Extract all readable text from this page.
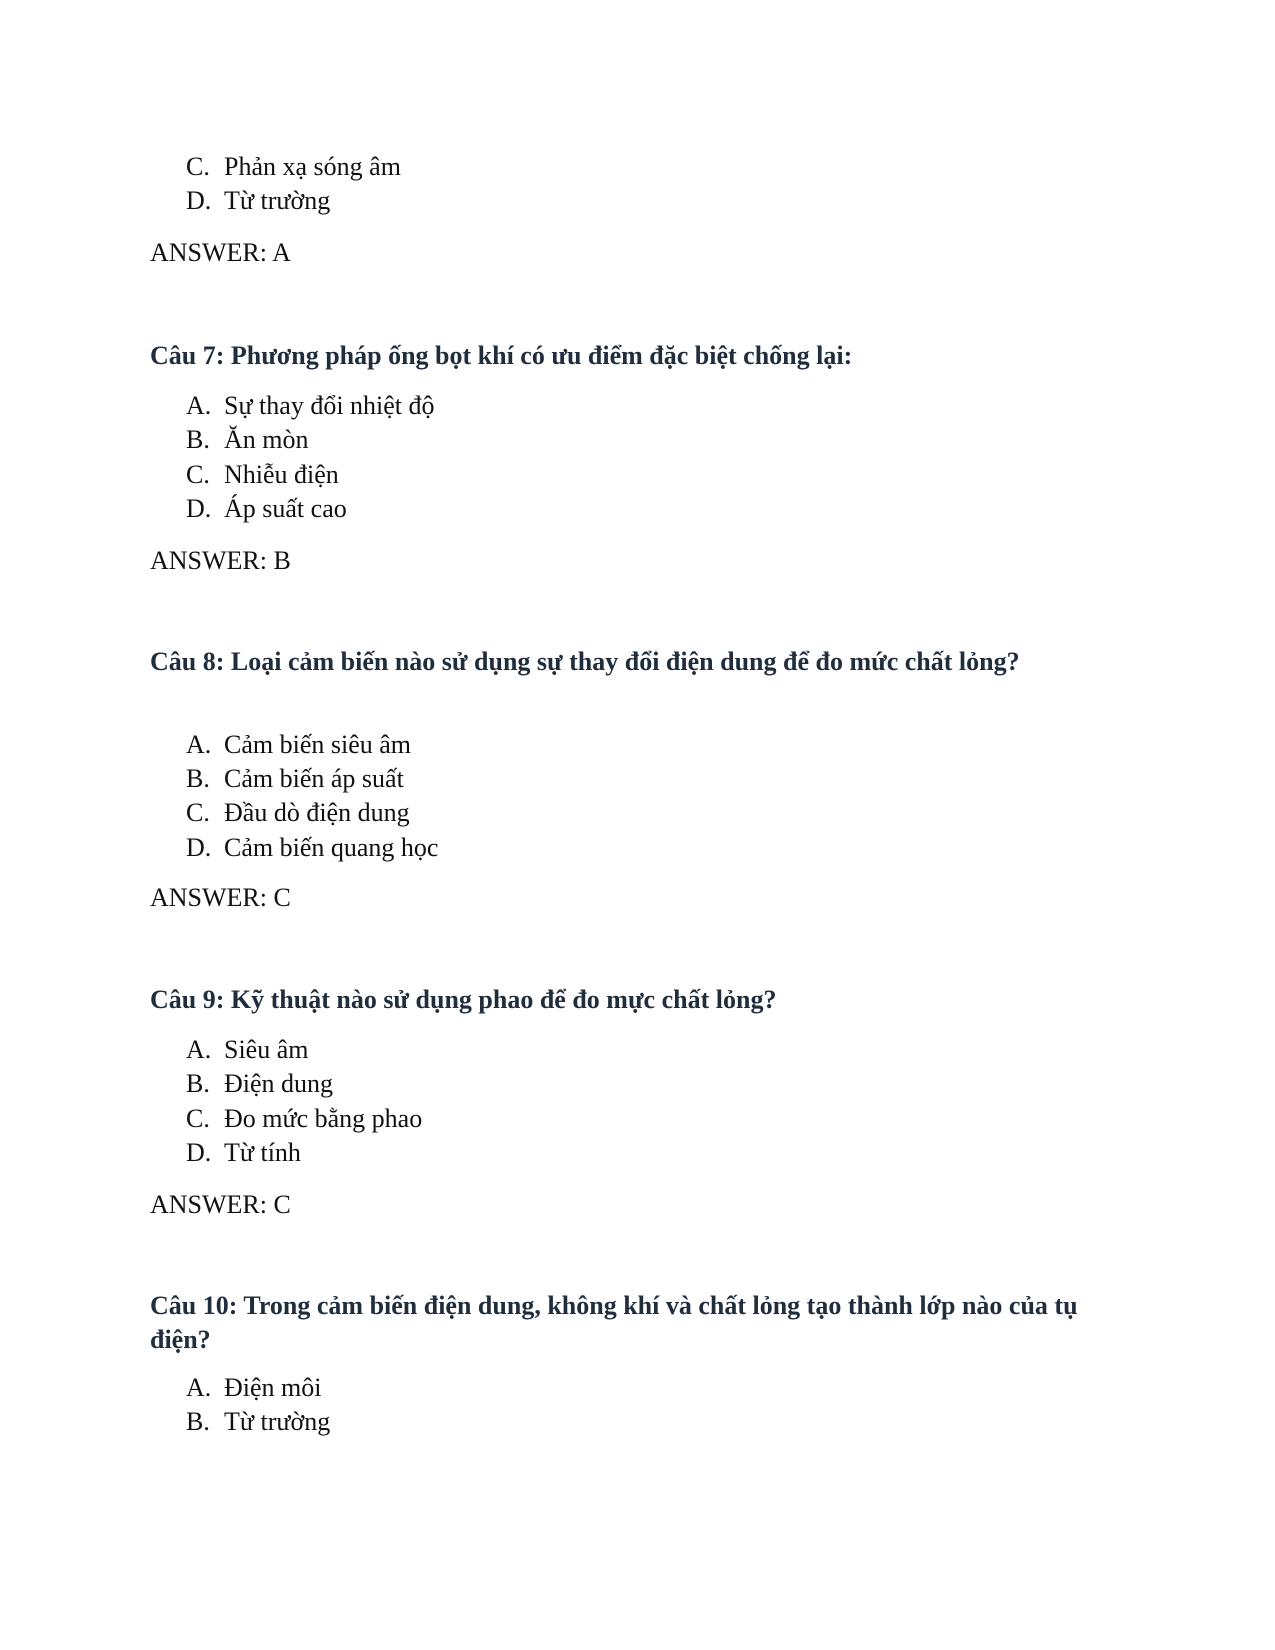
C. Phản xạ sóng âm
D. Từ trường
ANSWER: A
Câu 7: Phương pháp ống bọt khí có ưu điểm đặc biệt chống lại:
A. Sự thay đổi nhiệt độ
B. Ăn mòn
C. Nhiễu điện
D. Áp suất cao
ANSWER: B
Câu 8: Loại cảm biến nào sử dụng sự thay đổi điện dung để đo mức chất lỏng?
A. Cảm biến siêu âm
B. Cảm biến áp suất
C. Đầu dò điện dung
D. Cảm biến quang học
ANSWER: C
Câu 9: Kỹ thuật nào sử dụng phao để đo mực chất lỏng?
A. Siêu âm
B. Điện dung
C. Đo mức bằng phao
D. Từ tính
ANSWER: C
Câu 10: Trong cảm biến điện dung, không khí và chất lỏng tạo thành lớp nào của tụ điện?
A. Điện môi
B. Từ trường
